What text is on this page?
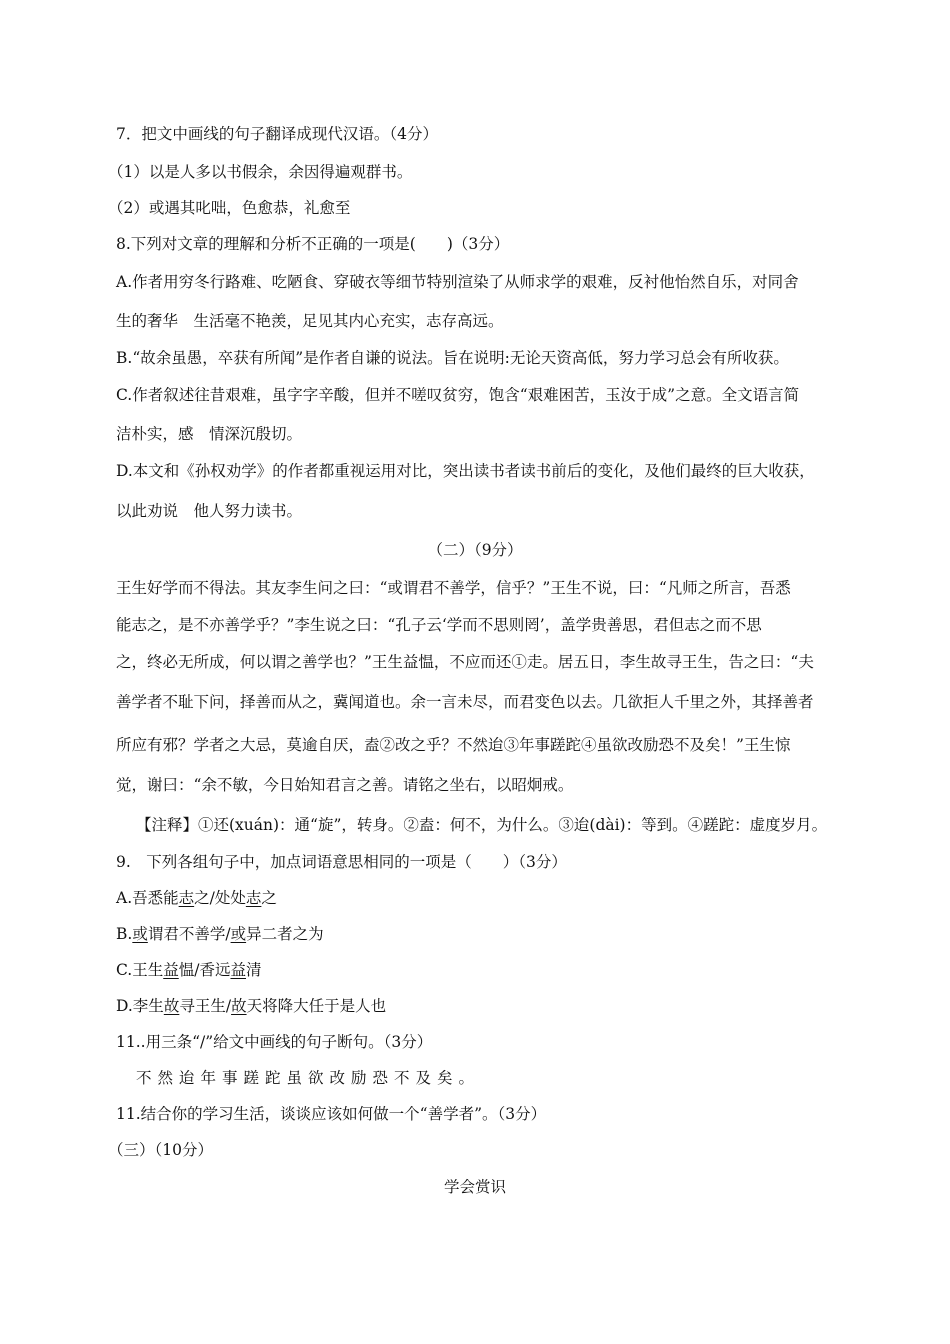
7．把文中画线的句子翻译成现代汉语。（4分）
（1）以是人多以书假余，余因得遍观群书。
（2）或遇其叱咄，色愈恭，礼愈至
8.下列对文章的理解和分析不正确的一项是(　　)（3分）
A.作者用穷冬行路难、吃陋食、穿破衣等细节特别渲染了从师求学的艰难，反衬他怡然自乐，对同舍
生的奢华　生活毫不艳羡，足见其内心充实，志存高远。
B.“故余虽愚，卒获有所闻”是作者自谦的说法。旨在说明:无论天资高低，努力学习总会有所收获。
C.作者叙述往昔艰难，虽字字辛酸，但并不嗟叹贫穷，饱含“艰难困苦，玉汝于成”之意。全文语言简
洁朴实，感　情深沉殷切。
D.本文和《孙权劝学》的作者都重视运用对比，突出读书者读书前后的变化，及他们最终的巨大收获，
以此劝说　他人努力读书。
（二）（9分）
王生好学而不得法。其友李生问之曰：“或谓君不善学，信乎？”王生不说，曰：“凡师之所言，吾悉
能志之，是不亦善学乎？”李生说之曰：“孔子云‘学而不思则罔’，盖学贵善思，君但志之而不思
之，终必无所成，何以谓之善学也？”王生益愠，不应而还①走。居五日，李生故寻王生，告之曰：“夫
善学者不耻下问，择善而从之，冀闻道也。余一言未尽，而君变色以去。几欲拒人千里之外，其择善者
所应有邪？学者之大忌，莫逾自厌，盍②改之乎？不然迨③年事蹉跎④虽欲改励恐不及矣！”王生惊
觉，谢曰：“余不敏，今日始知君言之善。请铭之坐右，以昭炯戒。
【注释】①还(xuán)：通“旋”，转身。②盍：何不，为什么。③迨(dài)：等到。④蹉跎：虚度岁月。
9.　下列各组句子中，加点词语意思相同的一项是（　　）（3分）
A.吾悉能志之/处处志之
B.或谓君不善学/或异二者之为
C.王生益愠/香远益清
D.李生故寻王生/故天将降大任于是人也
11..用三条“/”给文中画线的句子断句。（3分）
不然迨年事蹉跎虽欲改励恐不及矣。
11.结合你的学习生活，谈谈应该如何做一个“善学者”。（3分）
（三）（10分）
学会赏识
